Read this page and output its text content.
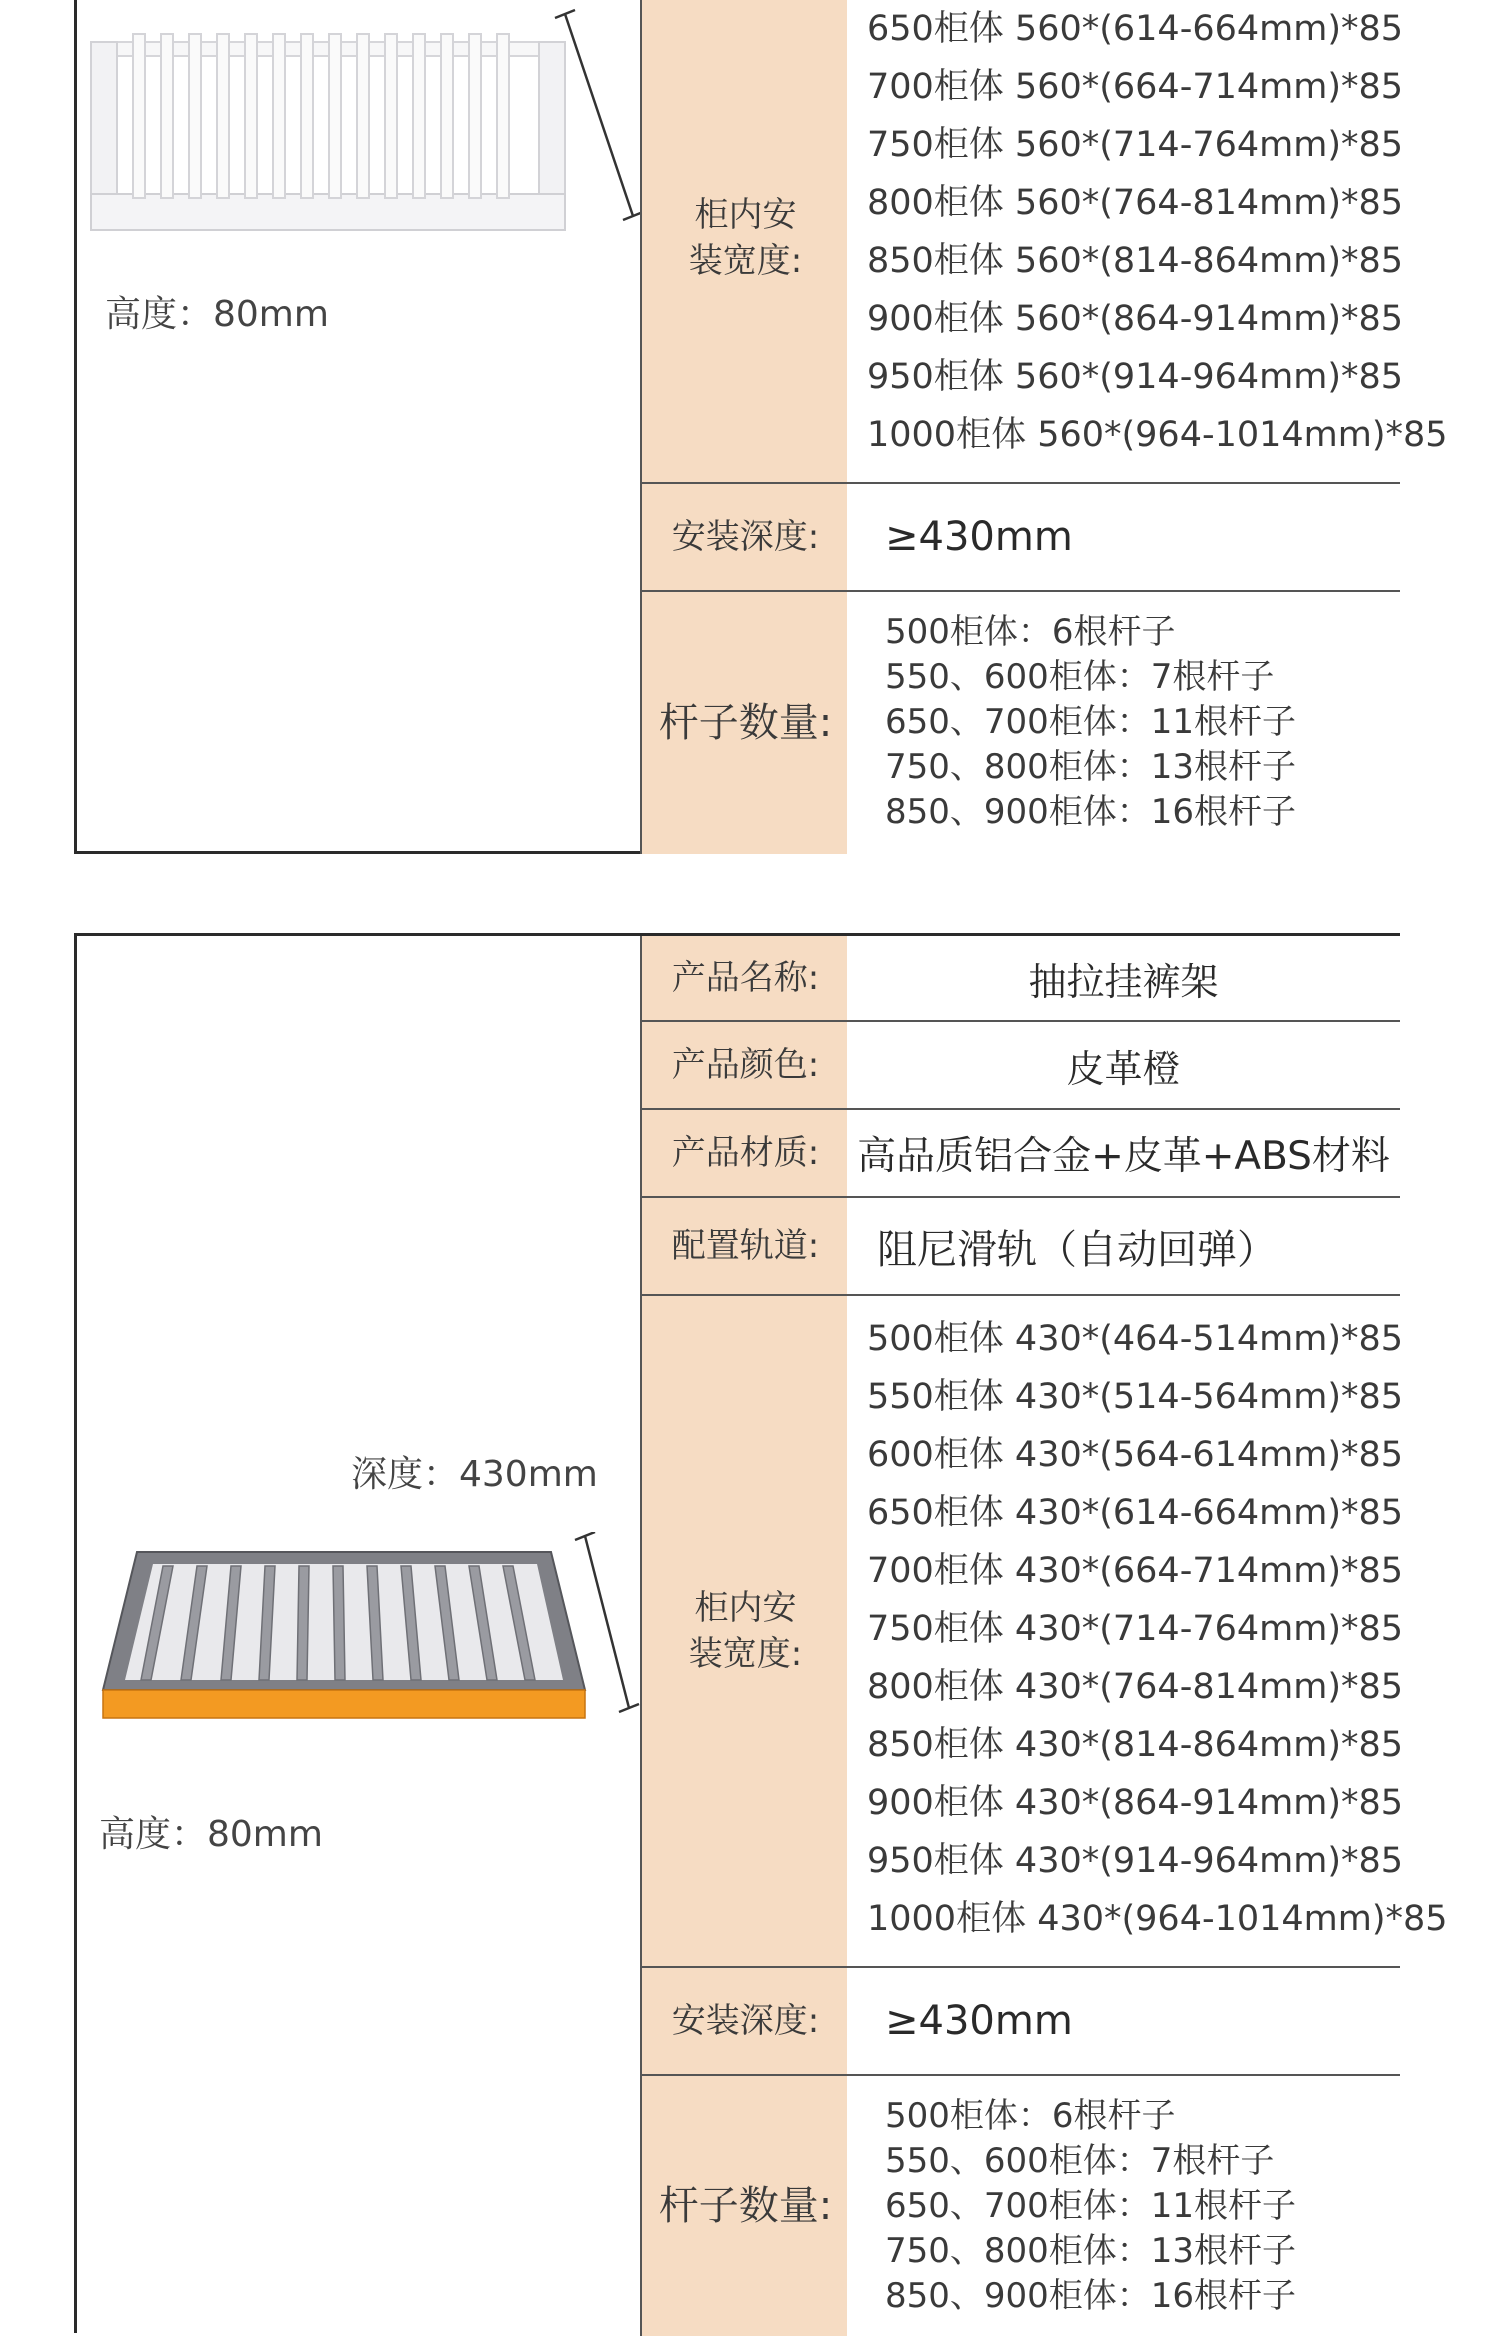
高度：80mm
柜内安装宽度:
650柜体 560*(614-664mm)*85
700柜体 560*(664-714mm)*85
750柜体 560*(714-764mm)*85
800柜体 560*(764-814mm)*85
850柜体 560*(814-864mm)*85
900柜体 560*(864-914mm)*85
950柜体 560*(914-964mm)*85
1000柜体 560*(964-1014mm)*85
安装深度:	≥430mm
杆子数量:
500柜体：6根杆子
550、600柜体：7根杆子
650、700柜体：11根杆子
750、800柜体：13根杆子
850、900柜体：16根杆子
深度：430mm
高度：80mm
产品名称:	抽拉挂裤架
产品颜色:	皮革橙
产品材质: 高品质铝合金+皮革+ABS材料
配置轨道:	阻尼滑轨（自动回弹）
柜内安装宽度:
500柜体 430*(464-514mm)*85
550柜体 430*(514-564mm)*85
600柜体 430*(564-614mm)*85
650柜体 430*(614-664mm)*85
700柜体 430*(664-714mm)*85
750柜体 430*(714-764mm)*85
800柜体 430*(764-814mm)*85
850柜体 430*(814-864mm)*85
900柜体 430*(864-914mm)*85
950柜体 430*(914-964mm)*85
1000柜体 430*(964-1014mm)*85
安装深度:	≥430mm
杆子数量:
500柜体：6根杆子
550、600柜体：7根杆子
650、700柜体：11根杆子
750、800柜体：13根杆子
850、900柜体：16根杆子
